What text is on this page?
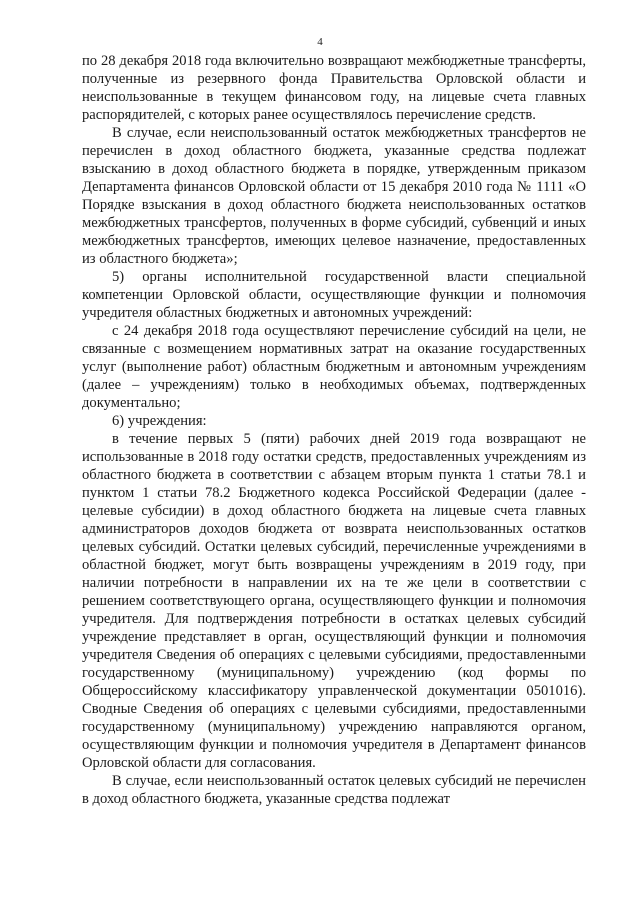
4

по 28 декабря 2018 года включительно возвращают межбюджетные трансферты, полученные из резервного фонда Правительства Орловской области и неиспользованные в текущем финансовом году, на лицевые счета главных распорядителей, с которых ранее осуществлялось перечисление средств.

В случае, если неиспользованный остаток межбюджетных трансфертов не перечислен в доход областного бюджета, указанные средства подлежат взысканию в доход областного бюджета в порядке, утвержденным приказом Департамента финансов Орловской области от 15 декабря 2010 года № 1111 «О Порядке взыскания в доход областного бюджета неиспользованных остатков межбюджетных трансфертов, полученных в форме субсидий, субвенций и иных межбюджетных трансфертов, имеющих целевое назначение, предоставленных из областного бюджета»;

5) органы исполнительной государственной власти специальной компетенции Орловской области, осуществляющие функции и полномочия учредителя областных бюджетных и автономных учреждений:

с 24 декабря 2018 года осуществляют перечисление субсидий на цели, не связанные с возмещением нормативных затрат на оказание государственных услуг (выполнение работ) областным бюджетным и автономным учреждениям (далее – учреждениям) только в необходимых объемах, подтвержденных документально;

6) учреждения:

в течение первых 5 (пяти) рабочих дней 2019 года возвращают не использованные в 2018 году остатки средств, предоставленных учреждениям из областного бюджета в соответствии с абзацем вторым пункта 1 статьи 78.1 и пунктом 1 статьи 78.2 Бюджетного кодекса Российской Федерации (далее - целевые субсидии) в доход областного бюджета на лицевые счета главных администраторов доходов бюджета от возврата неиспользованных остатков целевых субсидий. Остатки целевых субсидий, перечисленные учреждениями в областной бюджет, могут быть возвращены учреждениям в 2019 году, при наличии потребности в направлении их на те же цели в соответствии с решением соответствующего органа, осуществляющего функции и полномочия учредителя. Для подтверждения потребности в остатках целевых субсидий учреждение представляет в орган, осуществляющий функции и полномочия учредителя Сведения об операциях с целевыми субсидиями, предоставленными государственному (муниципальному) учреждению (код формы по Общероссийскому классификатору управленческой документации 0501016). Сводные Сведения об операциях с целевыми субсидиями, предоставленными государственному (муниципальному) учреждению направляются органом, осуществляющим функции и полномочия учредителя в Департамент финансов Орловской области для согласования.

В случае, если неиспользованный остаток целевых субсидий не перечислен в доход областного бюджета, указанные средства подлежат
